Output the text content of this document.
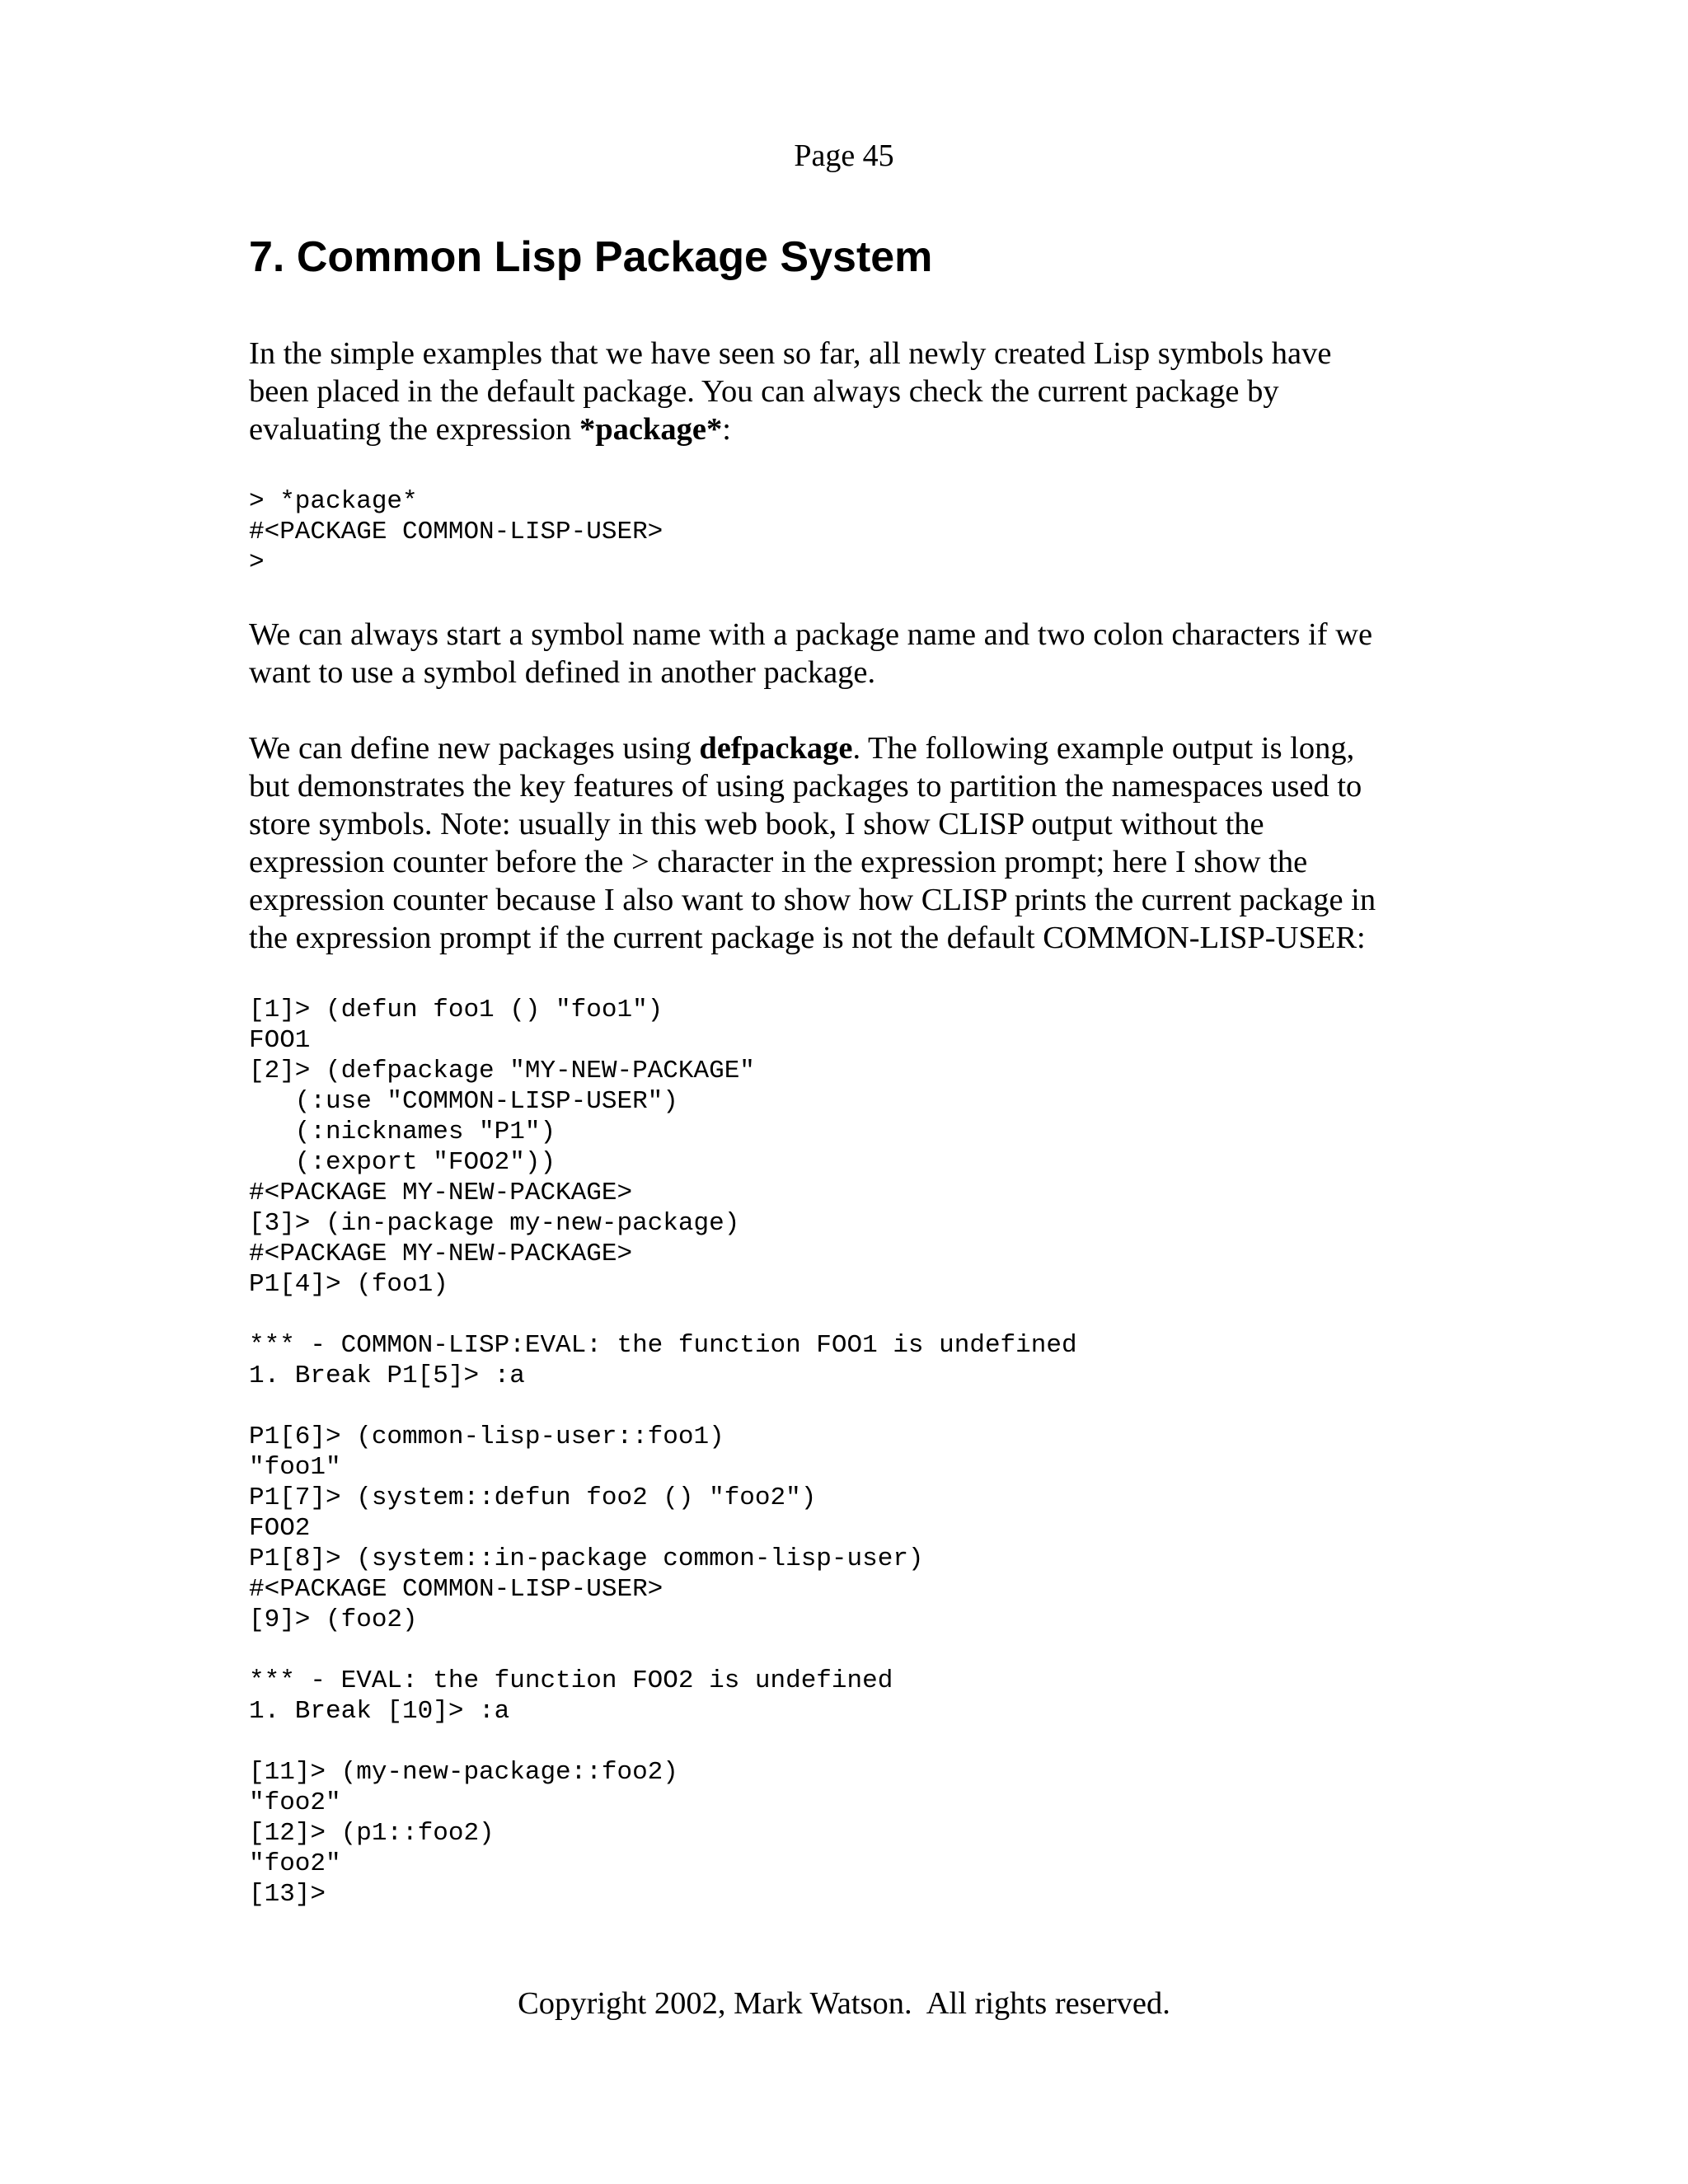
Page 45
7. Common Lisp Package System
In the simple examples that we have seen so far, all newly created Lisp symbols have
been placed in the default package. You can always check the current package by
evaluating the expression *package*:
> *package*
#<PACKAGE COMMON-LISP-USER>
>
We can always start a symbol name with a package name and two colon characters if we
want to use a symbol defined in another package.
We can define new packages using defpackage. The following example output is long,
but demonstrates the key features of using packages to partition the namespaces used to
store symbols. Note: usually in this web book, I show CLISP output without the
expression counter before the > character in the expression prompt; here I show the
expression counter because I also want to show how CLISP prints the current package in
the expression prompt if the current package is not the default COMMON-LISP-USER:
[1]> (defun foo1 () "foo1")
FOO1
[2]> (defpackage "MY-NEW-PACKAGE"
(:use "COMMON-LISP-USER")
(:nicknames "P1")
(:export "FOO2"))
#<PACKAGE MY-NEW-PACKAGE>
[3]> (in-package my-new-package)
#<PACKAGE MY-NEW-PACKAGE>
P1[4]> (foo1)

*** - COMMON-LISP:EVAL: the function FOO1 is undefined
1. Break P1[5]> :a

P1[6]> (common-lisp-user::foo1)
"foo1"
P1[7]> (system::defun foo2 () "foo2")
FOO2
P1[8]> (system::in-package common-lisp-user)
#<PACKAGE COMMON-LISP-USER>
[9]> (foo2)

*** - EVAL: the function FOO2 is undefined
1. Break [10]> :a

[11]> (my-new-package::foo2)
"foo2"
[12]> (p1::foo2)
"foo2"
[13]>
Copyright 2002, Mark Watson.  All rights reserved.
